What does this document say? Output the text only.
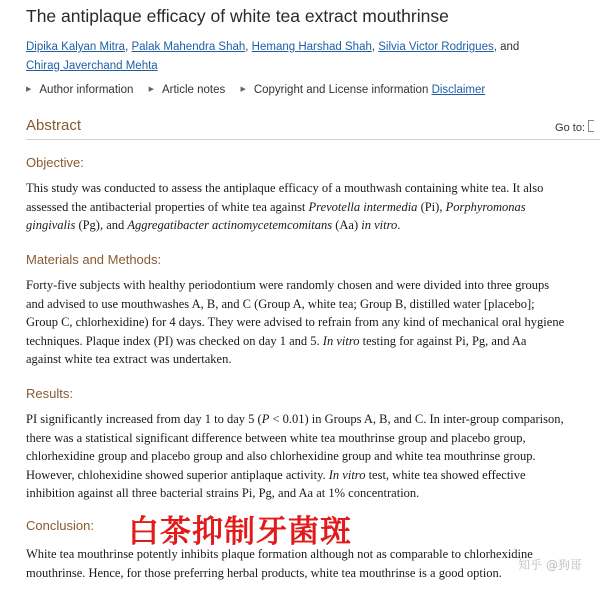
The antiplaque efficacy of white tea extract mouthrinse
Dipika Kalyan Mitra, Palak Mahendra Shah, Hemang Harshad Shah, Silvia Victor Rodrigues, and
Chirag Javerchand Mehta
▶ Author information ▶ Article notes ▶ Copyright and License information Disclaimer
Abstract	Go to:
Objective:
This study was conducted to assess the antiplaque efficacy of a mouthwash containing white tea. It also
assessed the antibacterial properties of white tea against Prevotella intermedia (Pi), Porphyromonas
gingivalis (Pg), and Aggregatibacter actinomycetemcomitans (Aa) in vitro.
Materials and Methods:
Forty-five subjects with healthy periodontium were randomly chosen and were divided into three groups
and advised to use mouthwashes A, B, and C (Group A, white tea; Group B, distilled water [placebo];
Group C, chlorhexidine) for 4 days. They were advised to refrain from any kind of mechanical oral hygiene
techniques. Plaque index (PI) was checked on day 1 and 5. In vitro testing for against Pi, Pg, and Aa
against white tea extract was undertaken.
Results:
PI significantly increased from day 1 to day 5 (P < 0.01) in Groups A, B, and C. In inter-group comparison,
there was a statistical significant difference between white tea mouthrinse group and placebo group,
chlorhexidine group and placebo group and also chlorhexidine group and white tea mouthrinse group.
However, chlohexidine showed superior antiplaque activity. In vitro test, white tea showed effective
inhibition against all three bacterial strains Pi, Pg, and Aa at 1% concentration.
Conclusion:
White tea mouthrinse potently inhibits plaque formation although not as comparable to chlorhexidine
mouthrinse. Hence, for those preferring herbal products, white tea mouthrinse is a good option.
白茶抑制牙菌斑
知乎 @狗哥
